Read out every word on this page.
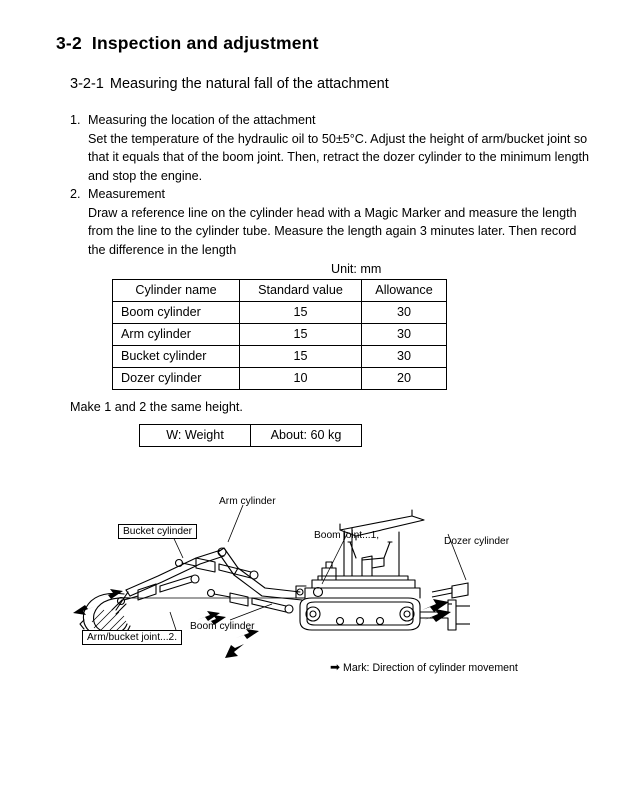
3-2 Inspection and adjustment
3-2-1 Measuring the natural fall of the attachment
1. Measuring the location of the attachment
Set the temperature of the hydraulic oil to 50±5°C. Adjust the height of arm/bucket joint so that it equals that of the boom joint. Then, retract the dozer cylinder to the minimum length and stop the engine.
2. Measurement
Draw a reference line on the cylinder head with a Magic Marker and measure the length from the line to the cylinder tube. Measure the length again 3 minutes later. Then record the difference in the length
Unit: mm
Cylinder name	Standard value	Allowance
Boom cylinder	15	30
Arm cylinder	15	30
Bucket cylinder	15	30
Dozer cylinder	10	20
Make 1 and 2 the same height.
W: Weight	About: 60 kg
Arm cylinder
Bucket cylinder	Boom joint...1,
Dozer cylinder
Boom cylinder
Arm/bucket joint...2.
➡ Mark: Direction of cylinder movement
